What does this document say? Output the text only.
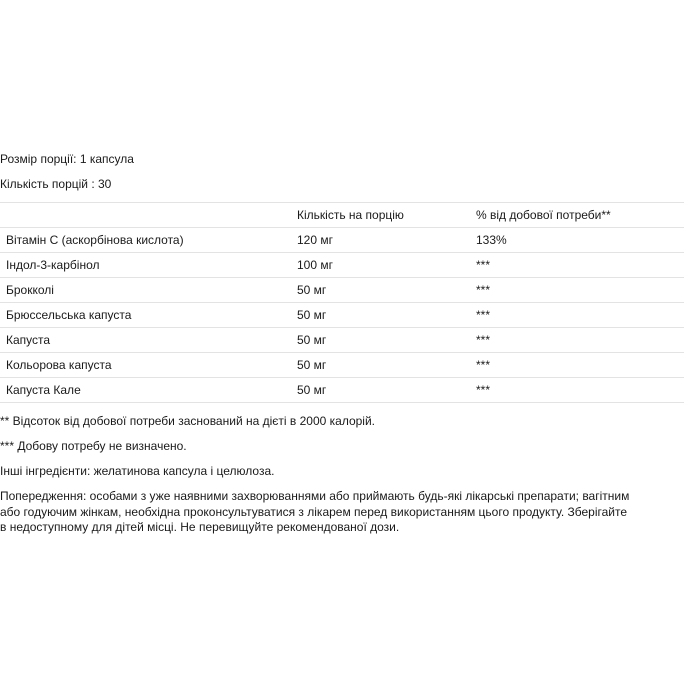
Розмір порції: 1 капсула
Кількість порцій : 30
	Кількість на порцію	% від добової потреби**
Вітамін С (аскорбінова кислота)	120 мг	133%
Індол-3-карбінол	100 мг	***
Брокколі	50 мг	***
Брюссельська капуста	50 мг	***
Капуста	50 мг	***
Кольорова капуста	50 мг	***
Капуста Кале	50 мг	***
** Відсоток від добової потреби заснований на дієті в 2000 калорій.
*** Добову потребу не визначено.
Інші інгредієнти: желатинова капсула і целюлоза.
Попередження: особами з уже наявними захворюваннями або приймають будь-які лікарські препарати; вагітним або годуючим жінкам, необхідна проконсультуватися з лікарем перед використанням цього продукту. Зберігайте в недоступному для дітей місці. Не перевищуйте рекомендованої дози.
